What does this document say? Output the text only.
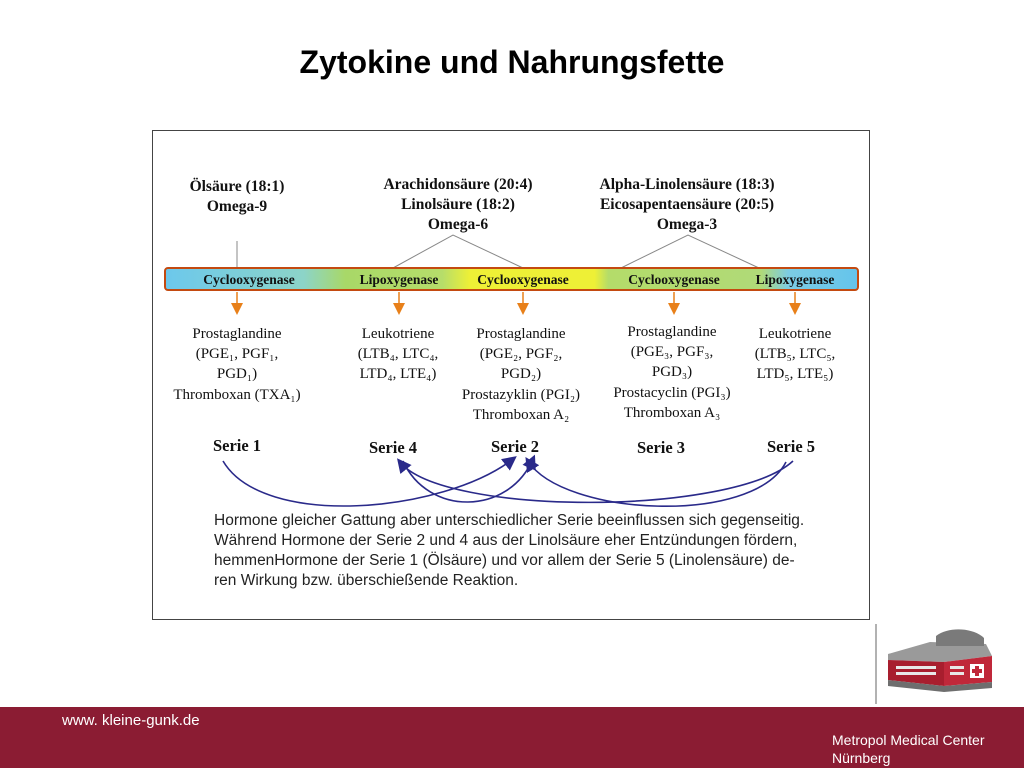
Zytokine und Nahrungsfette
Ölsäure (18:1)
Omega-9
Arachidonsäure (20:4)
Linolsäure (18:2)
Omega-6
Alpha-Linolensäure (18:3)
Eicosapentaensäure (20:5)
Omega-3
Cyclooxygenase	Lipoxygenase	Cyclooxygenase	Cyclooxygenase	Lipoxygenase
Prostaglandine
(PGE₁, PGF₁,
PGD₁)
Thromboxan (TXA₁)
Leukotriene
(LTB₄, LTC₄,
LTD₄, LTE₄)
Prostaglandine
(PGE₂, PGF₂,
PGD₂)
Prostazyklin (PGI₂)
Thromboxan A₂
Prostaglandine
(PGE₃, PGF₃,
PGD₃)
Prostacyclin (PGI₃)
Thromboxan A₃
Leukotriene
(LTB₅, LTC₅,
LTD₅, LTE₅)
Serie 1	Serie 4	Serie 2	Serie 3	Serie 5
Hormone gleicher Gattung aber unterschiedlicher Serie beeinflussen sich gegenseitig.
Während Hormone der Serie 2 und 4 aus der Linolsäure eher Entzündungen fördern,
hemmenHormone der Serie 1 (Ölsäure) und vor allem der Serie 5 (Linolensäure) de-
ren Wirkung bzw. überschießende Reaktion.
www. kleine-gunk.de
Metropol Medical Center
Nürnberg
